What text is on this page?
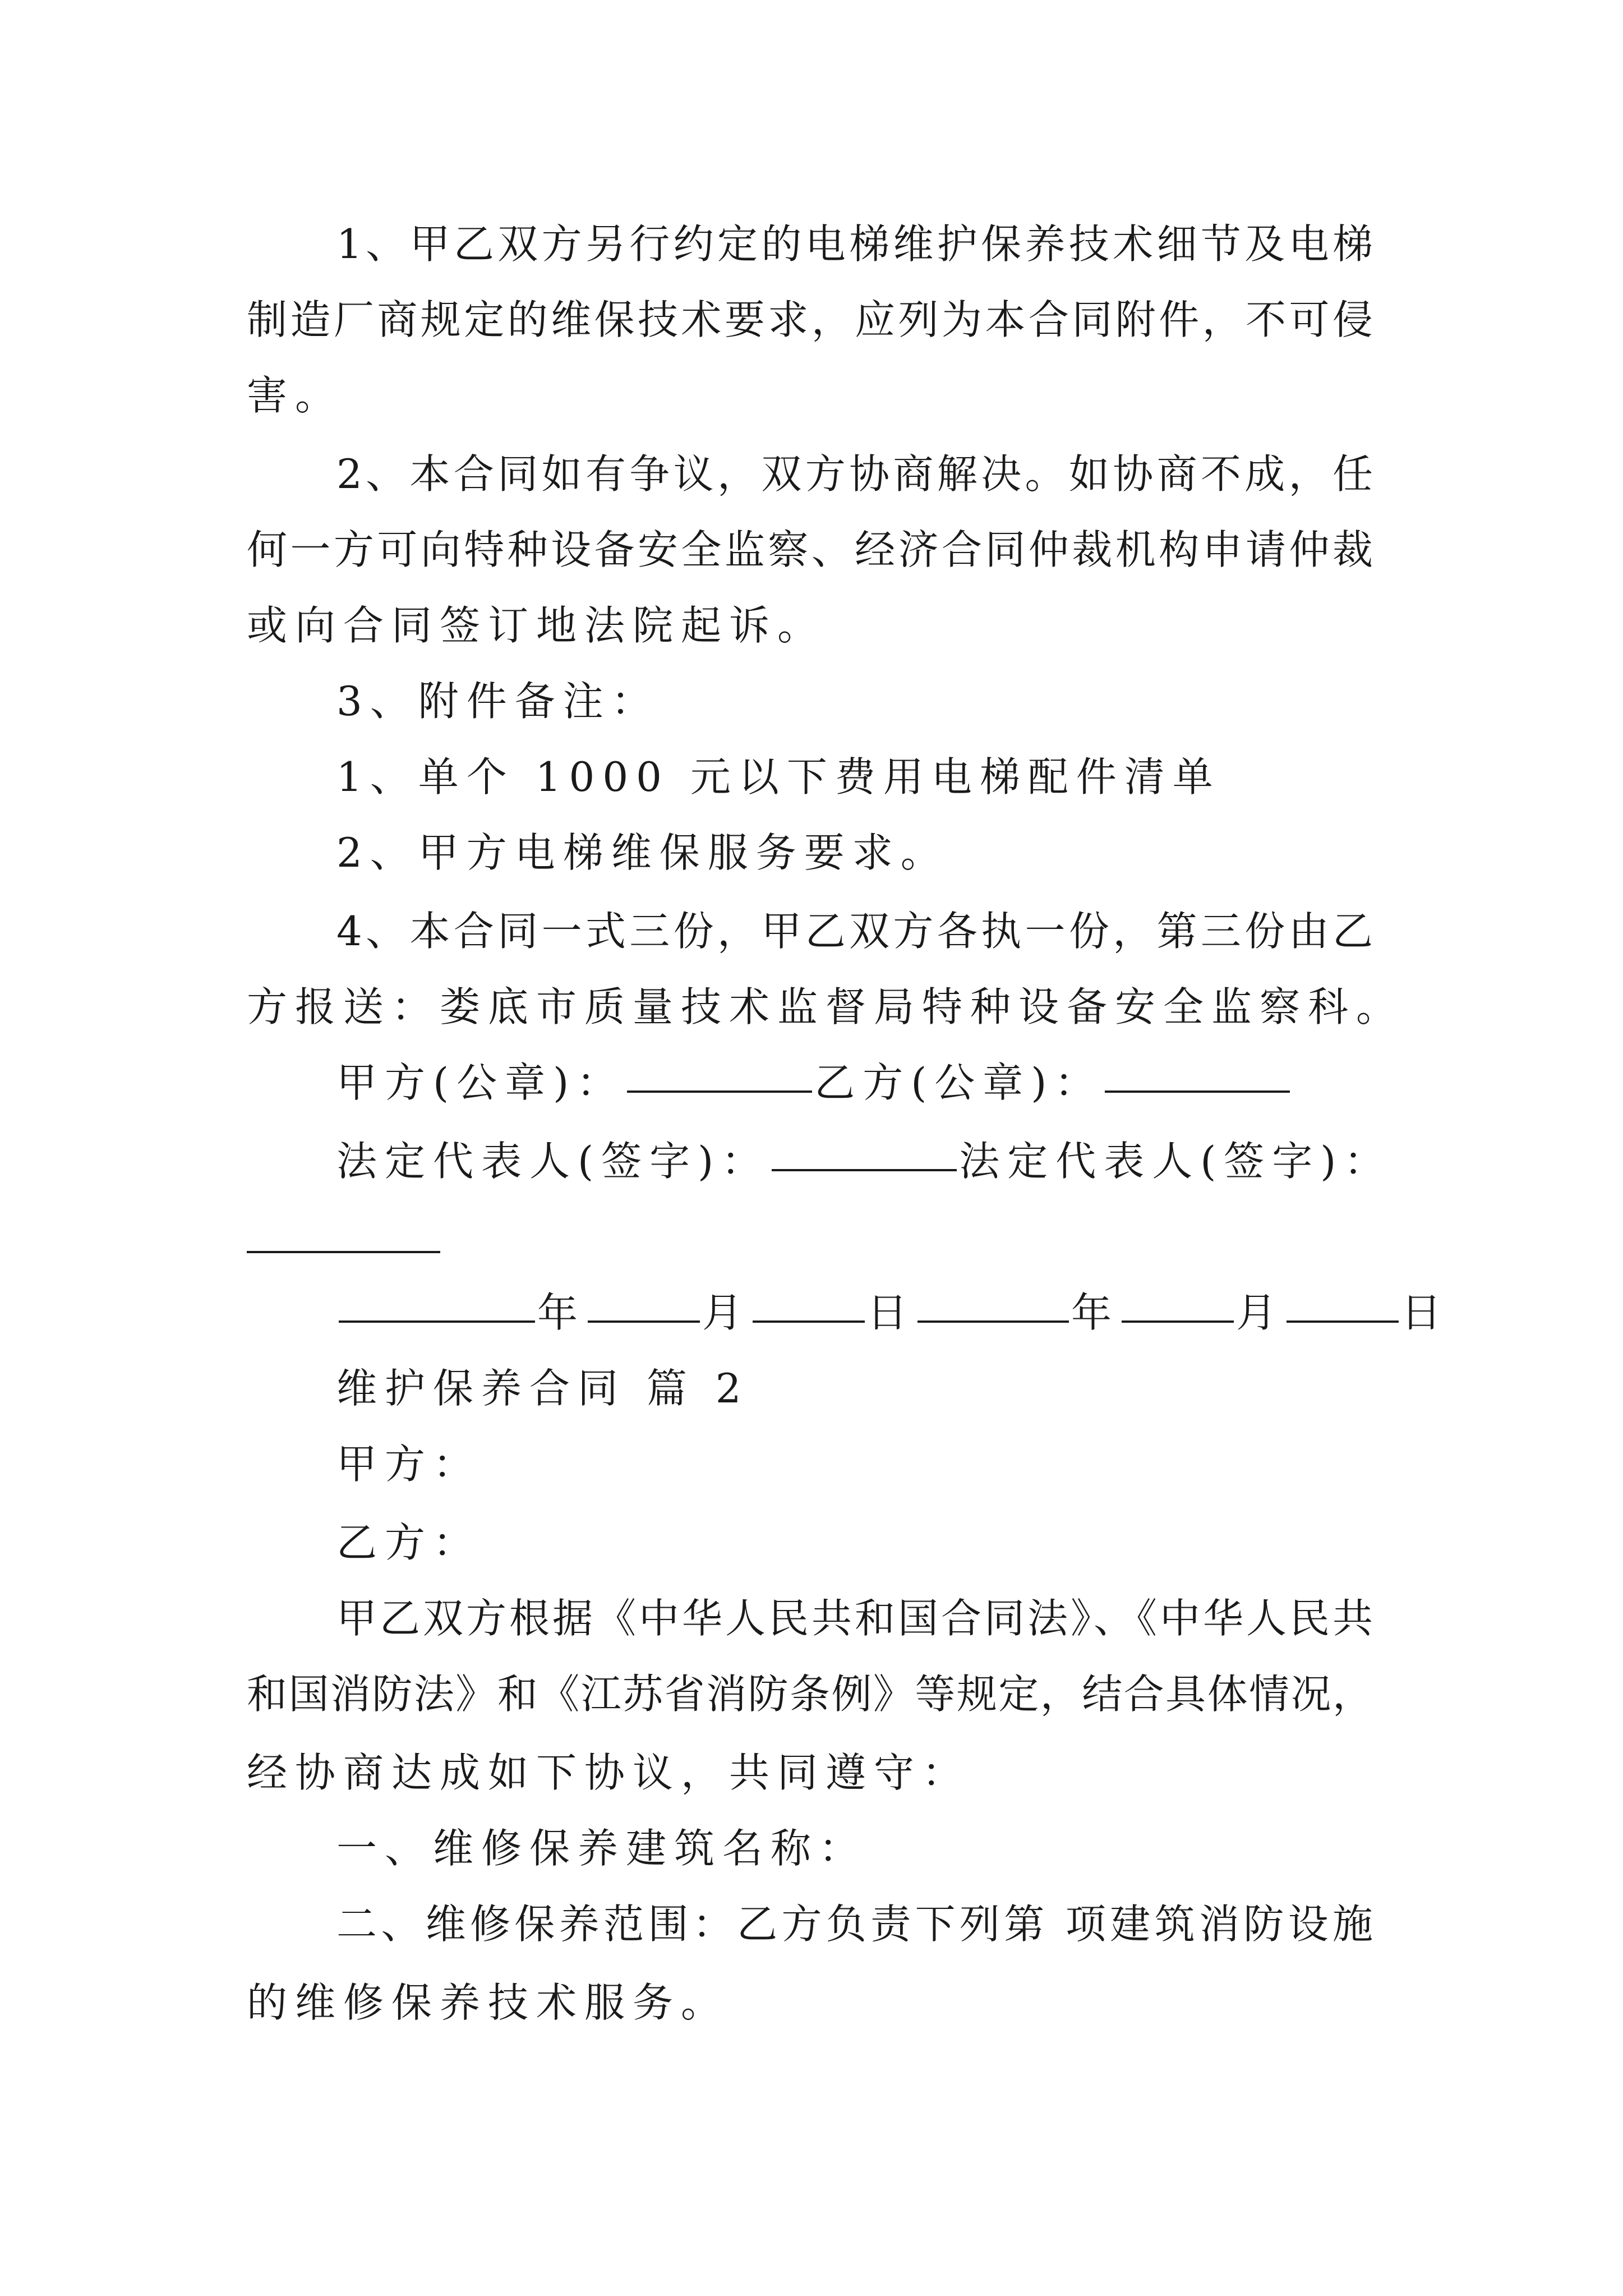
1、甲乙双方另行约定的电梯维护保养技术细节及电梯
制造厂商规定的维保技术要求，应列为本合同附件，不可侵
害。
2、本合同如有争议，双方协商解决。如协商不成，任
何一方可向特种设备安全监察、经济合同仲裁机构申请仲裁
或向合同签订地法院起诉。
3、附件备注：
1、单个 1000 元以下费用电梯配件清单
2、甲方电梯维保服务要求。
4、本合同一式三份，甲乙双方各执一份，第三份由乙
方报送：娄底市质量技术监督局特种设备安全监察科。
甲方(公章)：	乙方(公章)：
法定代表人(签字)：	法定代表人(签字)：
年	月	日	年	月	日
维护保养合同 篇 2
甲方：
乙方：
甲乙双方根据《中华人民共和国合同法》、《中华人民共
和国消防法》和《江苏省消防条例》等规定，结合具体情况，
经协商达成如下协议，共同遵守：
一、维修保养建筑名称：
二、维修保养范围：乙方负责下列第 项建筑消防设施
的维修保养技术服务。
